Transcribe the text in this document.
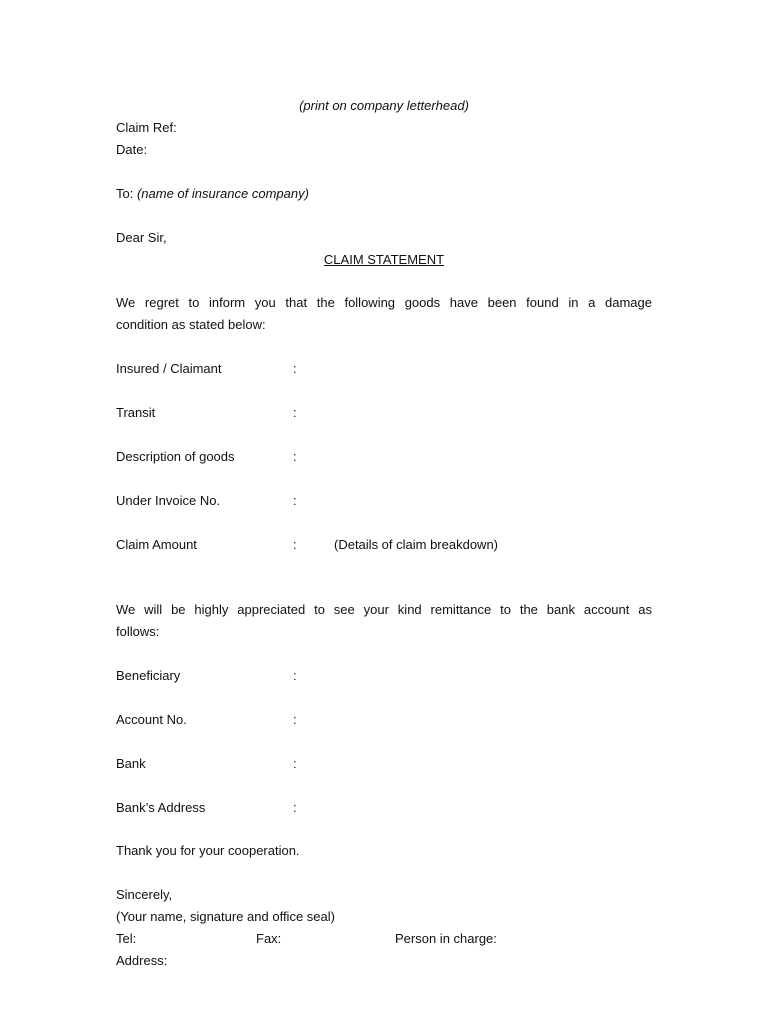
(print on company letterhead)
Claim Ref:
Date:
To: (name of insurance company)
Dear Sir,
CLAIM STATEMENT
We regret to inform you that the following goods have been found in a damage
condition as stated below:
Insured / Claimant	:
Transit	:
Description of goods	:
Under Invoice No.	:
Claim Amount	:	(Details of claim breakdown)
We will be highly appreciated to see your kind remittance to the bank account as
follows:
Beneficiary	:
Account No.	:
Bank	:
Bank’s Address	:
Thank you for your cooperation.
Sincerely,
(Your name, signature and office seal)
Tel:	Fax:	Person in charge:
Address:
